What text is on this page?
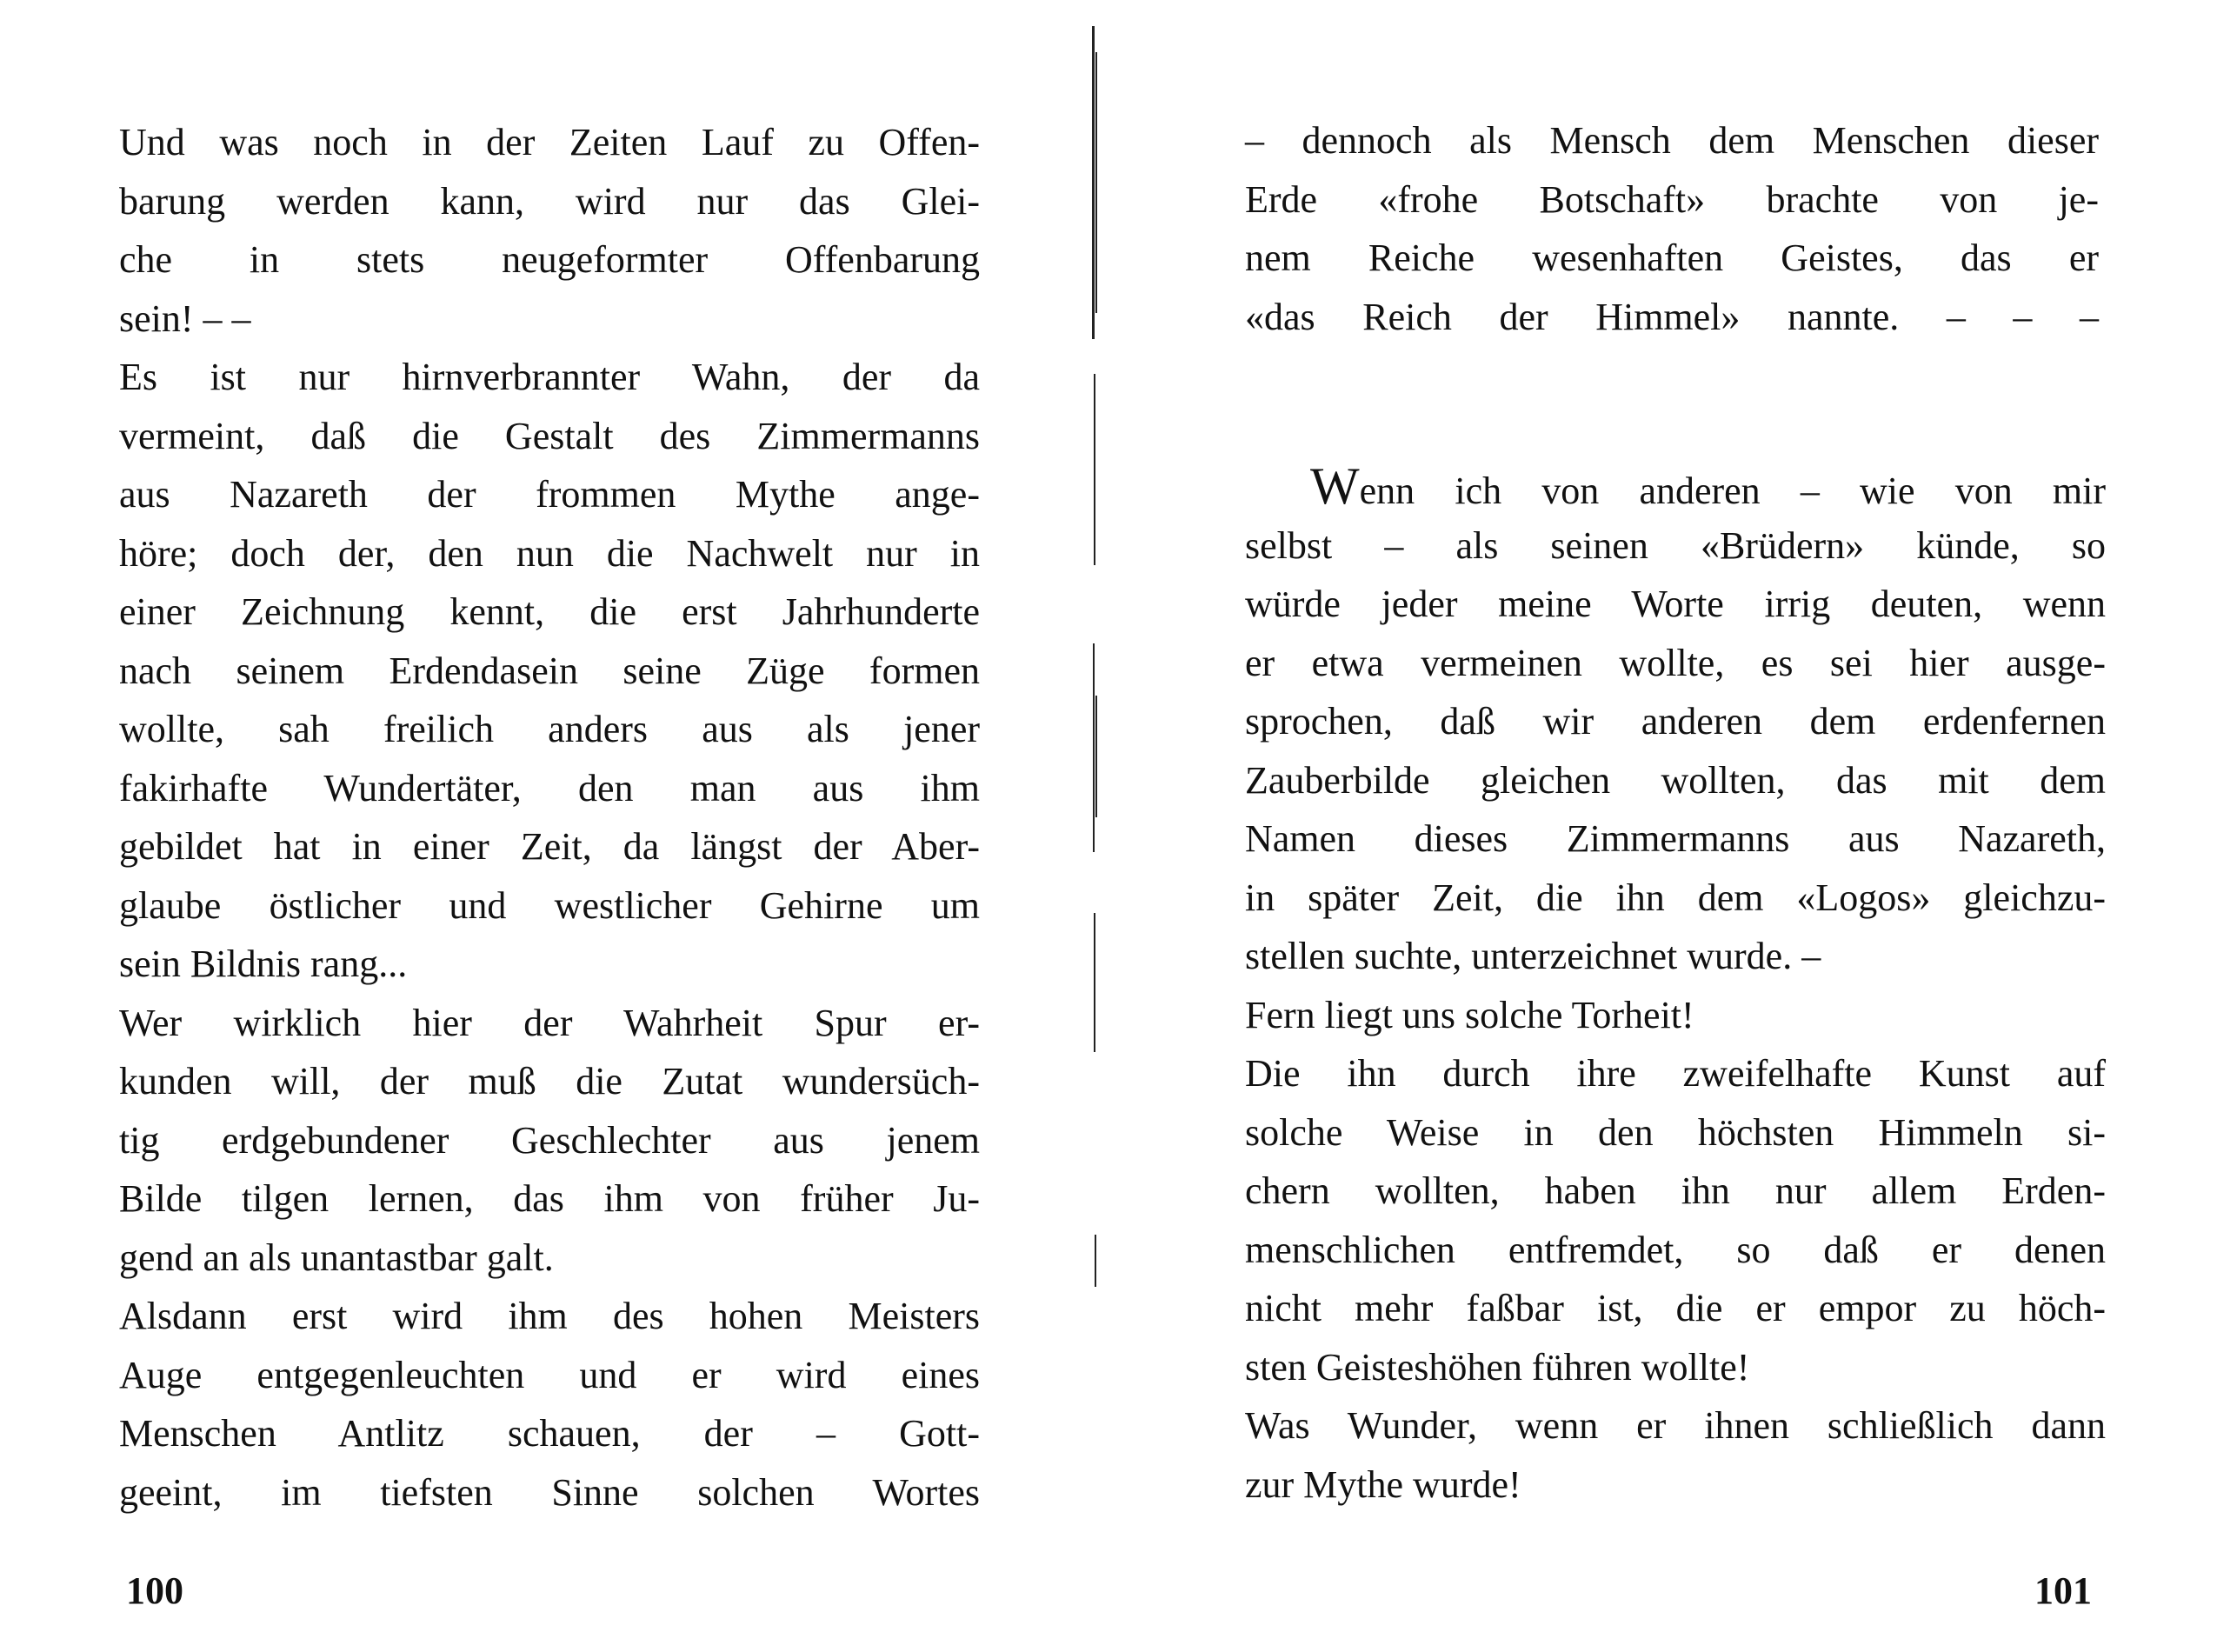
Und was noch in der Zeiten Lauf zu Offen-
barung werden kann, wird nur das Glei-
che in stets neugeformter Offenbarung
sein! – –
Es ist nur hirnverbrannter Wahn, der da
vermeint, daß die Gestalt des Zimmermanns
aus Nazareth der frommen Mythe ange-
höre; doch der, den nun die Nachwelt nur in
einer Zeichnung kennt, die erst Jahrhunderte
nach seinem Erdendasein seine Züge formen
wollte, sah freilich anders aus als jener
fakirhafte Wundertäter, den man aus ihm
gebildet hat in einer Zeit, da längst der Aber-
glaube östlicher und westlicher Gehirne um
sein Bildnis rang...
Wer wirklich hier der Wahrheit Spur er-
kunden will, der muß die Zutat wundersüch-
tig erdgebundener Geschlechter aus jenem
Bilde tilgen lernen, das ihm von früher Ju-
gend an als unantastbar galt.
Alsdann erst wird ihm des hohen Meisters
Auge entgegenleuchten und er wird eines
Menschen Antlitz schauen, der – Gott-
geeint, im tiefsten Sinne solchen Wortes
100
– dennoch als Mensch dem Menschen dieser
Erde «frohe Botschaft» brachte von je-
nem Reiche wesenhaften Geistes, das er
«das Reich der Himmel» nannte. – – –
Wenn ich von anderen – wie von mir
selbst – als seinen «Brüdern» künde, so
würde jeder meine Worte irrig deuten, wenn
er etwa vermeinen wollte, es sei hier ausge-
sprochen, daß wir anderen dem erdenfernen
Zauberbilde gleichen wollten, das mit dem
Namen dieses Zimmermanns aus Nazareth,
in später Zeit, die ihn dem «Logos» gleichzu-
stellen suchte, unterzeichnet wurde. –
Fern liegt uns solche Torheit!
Die ihn durch ihre zweifelhafte Kunst auf
solche Weise in den höchsten Himmeln si-
chern wollten, haben ihn nur allem Erden-
menschlichen entfremdet, so daß er denen
nicht mehr faßbar ist, die er empor zu höch-
sten Geisteshöhen führen wollte!
Was Wunder, wenn er ihnen schließlich dann
zur Mythe wurde!
101
